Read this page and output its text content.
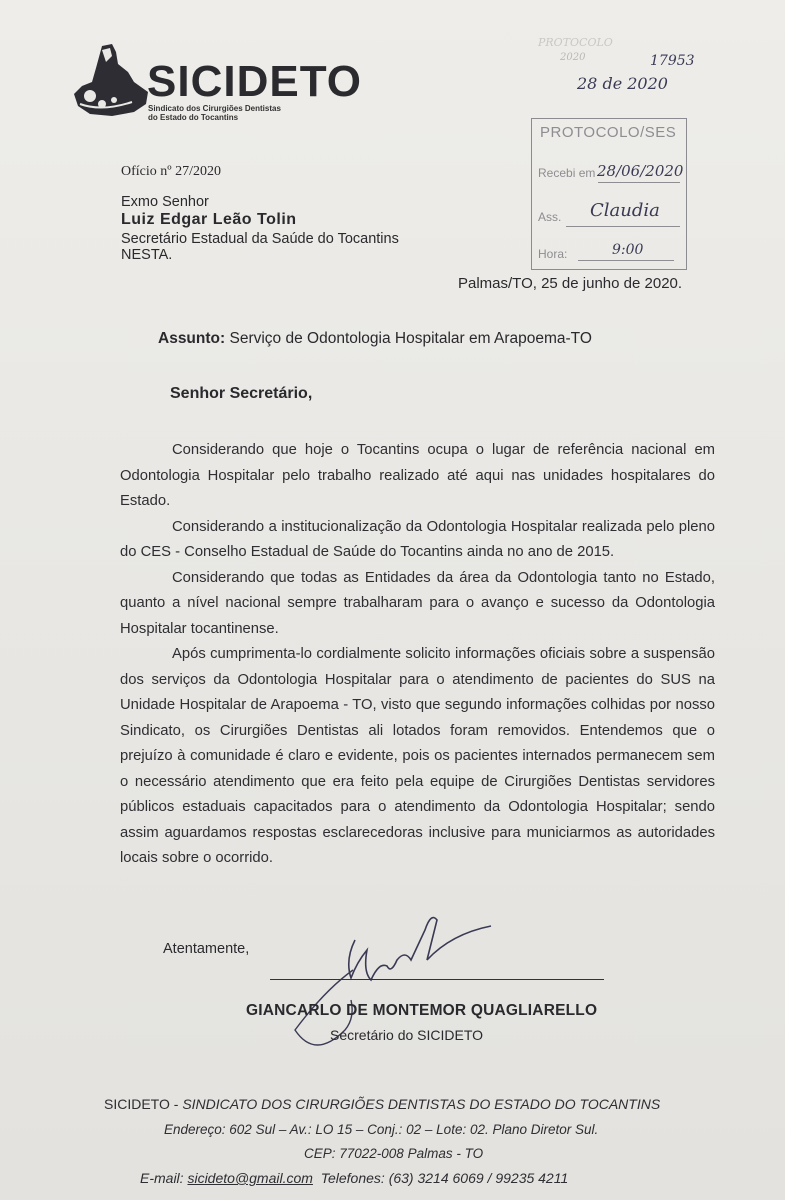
SICIDETO
Sindicato dos Cirurgiões Dentistas
do Estado do Tocantins
PROTOCOLO
2020	17953
28 de 2020
PROTOCOLO/SES
Recebi em 28/06/2020
Ass. Claudia
Hora:	9:00
Ofício nº 27/2020
Exmo Senhor
Luiz Edgar Leão Tolin
Secretário Estadual da Saúde do Tocantins
NESTA.
Palmas/TO, 25 de junho de 2020.
Assunto: Serviço de Odontologia Hospitalar em Arapoema-TO
Senhor Secretário,

Considerando que hoje o Tocantins ocupa o lugar de referência nacional em Odontologia Hospitalar pelo trabalho realizado até aqui nas unidades hospitalares do Estado.

Considerando a institucionalização da Odontologia Hospitalar realizada pelo pleno do CES - Conselho Estadual de Saúde do Tocantins ainda no ano de 2015.

Considerando que todas as Entidades da área da Odontologia tanto no Estado, quanto a nível nacional sempre trabalharam para o avanço e sucesso da Odontologia Hospitalar tocantinense.

Após cumprimenta-lo cordialmente solicito informações oficiais sobre a suspensão dos serviços da Odontologia Hospitalar para o atendimento de pacientes do SUS na Unidade Hospitalar de Arapoema - TO, visto que segundo informações colhidas por nosso Sindicato, os Cirurgiões Dentistas ali lotados foram removidos. Entendemos que o prejuízo à comunidade é claro e evidente, pois os pacientes internados permanecem sem o necessário atendimento que era feito pela equipe de Cirurgiões Dentistas servidores públicos estaduais capacitados para o atendimento da Odontologia Hospitalar; sendo assim aguardamos respostas esclarecedoras inclusive para municiarmos as autoridades locais sobre o ocorrido.

Atentamente,
GIANCARLO DE MONTEMOR QUAGLIARELLO
Secretário do SICIDETO
SICIDETO - SINDICATO DOS CIRURGIÕES DENTISTAS DO ESTADO DO TOCANTINS
Endereço: 602 Sul – Av.: LO 15 – Conj.: 02 – Lote: 02. Plano Diretor Sul.
CEP: 77022-008 Palmas - TO
E-mail: sicideto@gmail.com Telefones: (63) 3214 6069 / 99235 4211
